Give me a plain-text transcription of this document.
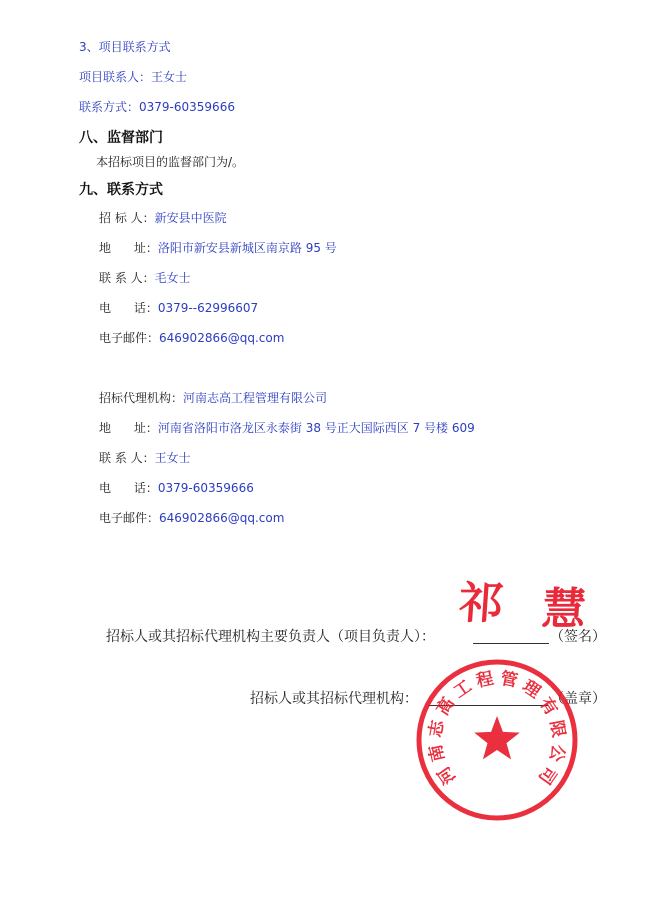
3、项目联系方式
项目联系人：王女士
联系方式：0379-60359666
八、监督部门
本招标项目的监督部门为/。
九、联系方式
招 标 人：新安县中医院
地      址：洛阳市新安县新城区南京路 95 号
联 系 人：毛女士
电      话：0379--62996607
电子邮件：646902866@qq.com
招标代理机构：河南志高工程管理有限公司
地      址：河南省洛阳市洛龙区永泰街 38 号正大国际西区 7 号楼 609
联 系 人：王女士
电      话：0379-60359666
电子邮件：646902866@qq.com
祁 慧
招标人或其招标代理机构主要负责人（项目负责人）：	（签名）
招标人或其招标代理机构：	（盖章）
河
南
志
高
工 程 管 理
有
限
公
司
